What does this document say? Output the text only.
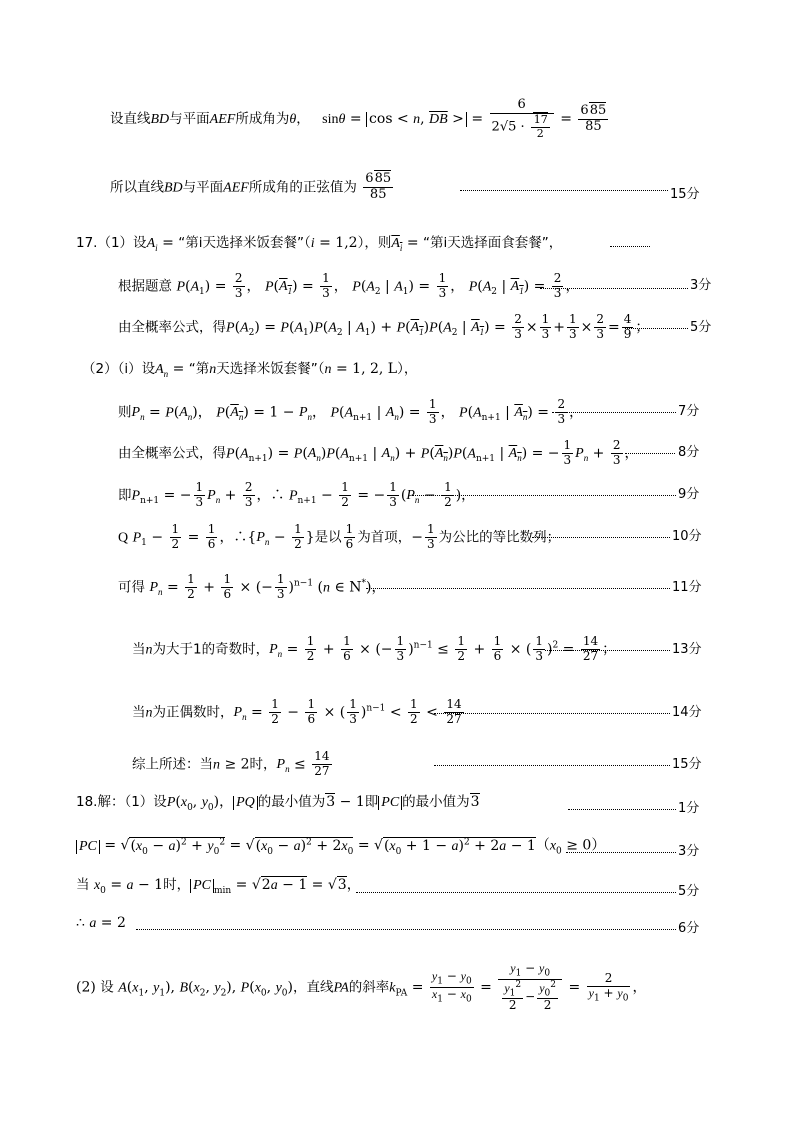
设直线BD与平面AEF所成角为θ， sinθ = cos < n, $\overline{DB}$ > = $\frac{6}{2√5 \cdot \frac{17}{2}} = \frac{685}{85}$
所以直线BD与平面AEF所成角的正弦值为 $\frac{685}{85}$	15分
17.（1）设$A_i$ = “第i天选择米饭套餐”（i = 1,2），则$A_i$ = “第i天选择面食套餐”，
根据题意 $P(A_1) = \frac{2}{3}$ ， $P(A_1) = \frac{1}{3}$ ， $P(A_2$ | $A_1) = \frac{1}{3}$ ， $P(A_2$ | $A_1) = \frac{2}{3}$ ，	3分
由全概率公式，得$P(A_2) = P(A_1)P(A_2$ | $A_1) + P(A_1)P(A_2$ | $A_1) = \frac{2}{3} \times \frac{1}{3} + \frac{1}{3} \times \frac{2}{3} = \frac{4}{9}$ ；	5分
（2）（i）设$A_n$ = “第n天选择米饭套餐”（n = 1, 2, L），
则$P_n = P(A_n)$， $P(A_n) = 1 - P_n$， $P(A_{n+1}$ | $A_n) = \frac{1}{3}$ ， $P(A_{n+1}$ | $A_n) = \frac{2}{3}$ ，	7分
由全概率公式，得$P(A_{n+1}) = P(A_n)P(A_{n+1}$ | $A_n) + P(A_n)P(A_{n+1}$ | $A_n$) = − $\frac{1}{3} P_n + \frac{2}{3}$ ，	8分
即$P_{n+1}$ = − $\frac{1}{3} P_n + \frac{2}{3}$ ，∴ $P_{n+1} - \frac{1}{2}$ = − $\frac{1}{3} (P_n - \frac{1}{2}$ )，	9分
Q $P_1 - \frac{1}{2} = \frac{1}{6}$ ，$\therefore\{P_n - \frac{1}{2}$ }是以 $\frac{1}{6}$ 为首项，− $\frac{1}{3}$ 为公比的等比数列；	10分
可得 $P_n = \frac{1}{2} + \frac{1}{6}$ × (− $\frac{1}{3} )^{n-1}$ (n ∈ N*)，	11分
当n为大于1的奇数时，$P_n = \frac{1}{2} + \frac{1}{6}$ × (− $\frac{1}{3} )^{n-1} \le \frac{1}{2} + \frac{1}{6}$ × ( $\frac{1}{3} )^2 = \frac{14}{27}$ ；	13分
当n为正偶数时，$P_n = \frac{1}{2} - \frac{1}{6}$ × ( $\frac{1}{3} )^{n-1} < \frac{1}{2} < \frac{14}{27}$	14分
综上所述：当n ≥ 2时，$P_n \le \frac{14}{27}$	15分
18.解：（1）设$P(x_0$, $y_0$)， PQ 的最小值为3 − 1即 PC 的最小值为3	1分
PC = $√(x_0 - a)^2 + y_0^2 = √(x_0 - a)^2 + 2x_0 = √(x_0 + 1 - a)^2 + 2a - 1(x_0 \ge 0)$	3分
当 $x_0 = a - 1$时， PC $_{min}$ = √2a − 1 = √3，	5分
∴ a = 2	6分
(2) 设 $A(x_1$, $y_1$), $B(x_2$, $y_2$), $P(x_0$, $y_0$)，直线PA的斜率$k_{PA} = \frac{y_1 - y_0}{x_1 - x_0} = \frac{y_1 - y_0}{\frac{y_1^2}{2} - \frac{y_0^2}{2}} = \frac{2}{y_1 + y_0}$ ，
